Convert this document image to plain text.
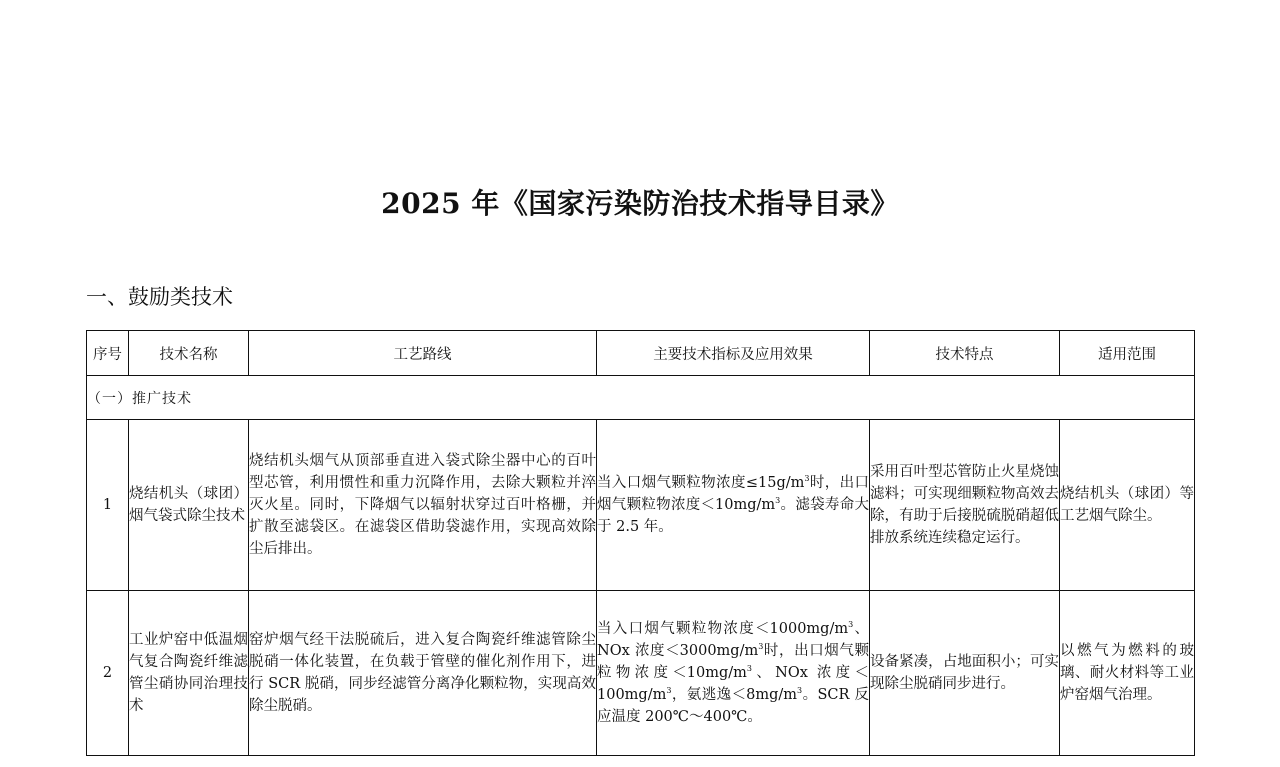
2025 年《国家污染防治技术指导目录》
一、鼓励类技术
序号	技术名称	工艺路线	主要技术指标及应用效果	技术特点	适用范围
（一）推广技术					
1	烧结机头（球团）烟气袋式除尘技术	烧结机头烟气从顶部垂直进入袋式除尘器中心的百叶型芯管，利用惯性和重力沉降作用，去除大颗粒并淬灭火星。同时，下降烟气以辐射状穿过百叶格栅，并扩散至滤袋区。在滤袋区借助袋滤作用，实现高效除尘后排出。	当入口烟气颗粒物浓度$\le 15g/m^3$时，出口烟气颗粒物浓度$<10mg/m^3$。滤袋寿命大于 2.5 年。	采用百叶型芯管防止火星烧蚀滤料；可实现细颗粒物高效去除，有助于后接脱硫脱硝超低排放系统连续稳定运行。	烧结机头（球团）等工艺烟气除尘。
2	工业炉窑中低温烟气复合陶瓷纤维滤管尘硝协同治理技术	窑炉烟气经干法脱硫后，进入复合陶瓷纤维滤管除尘脱硝一体化装置，在负载于管壁的催化剂作用下，进行 SCR 脱硝，同步经滤管分离净化颗粒物，实现高效除尘脱硝。	当入口烟气颗粒物浓度$<1000mg/m^3$、NOx 浓度$<3000mg/m^3$时，出口烟气颗粒物浓度$<10mg/m^3$、NOx 浓度$<100mg/m^3$，氨逃逸$<8mg/m^3$。SCR 反应温度 200℃～400℃。	设备紧凑，占地面积小；可实现除尘脱硝同步进行。	以燃气为燃料的玻璃、耐火材料等工业炉窑烟气治理。
